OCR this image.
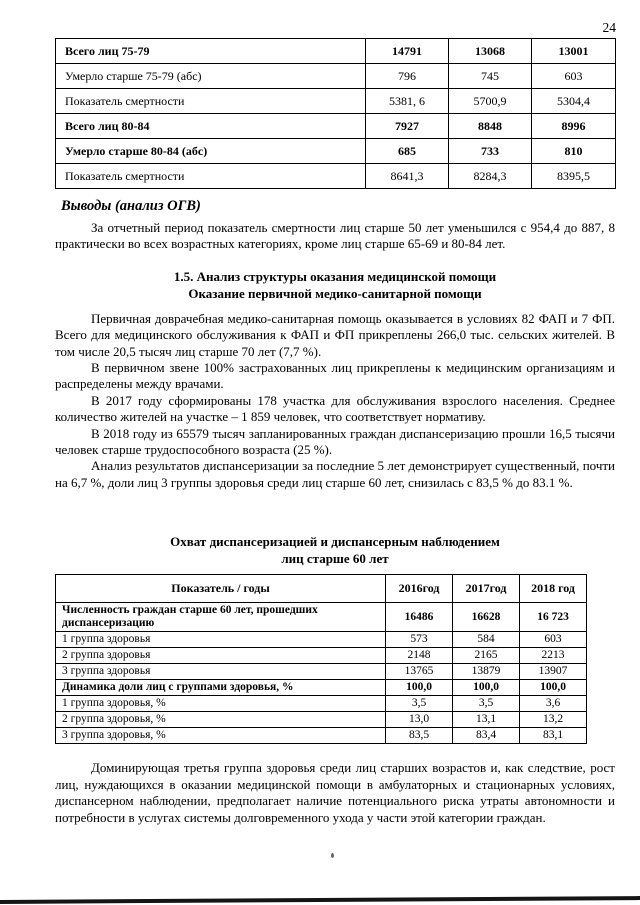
24
Всего лиц 75-79	14791	13068	13001
Умерло старше 75-79 (абс)	796	745	603
Показатель смертности	5381, 6	5700,9	5304,4
Всего лиц 80-84	7927	8848	8996
Умерло старше 80-84 (абс)	685	733	810
Показатель смертности	8641,3	8284,3	8395,5
Выводы (анализ ОГВ)

За отчетный период показатель смертности лиц старше 50 лет уменьшился с 954,4 до 887, 8 практически во всех возрастных категориях, кроме лиц старше 65-69 и 80-84 лет.

1.5. Анализ структуры оказания медицинской помощи
Оказание первичной медико-санитарной помощи

Первичная доврачебная медико-санитарная помощь оказывается в условиях 82 ФАП и 7 ФП. Всего для медицинского обслуживания к ФАП и ФП прикреплены 266,0 тыс. сельских жителей. В том числе 20,5 тысяч лиц старше 70 лет (7,7 %).

В первичном звене 100% застрахованных лиц прикреплены к медицинским организациям и распределены между врачами.

В 2017 году сформированы 178 участка для обслуживания взрослого населения. Среднее количество жителей на участке – 1 859 человек, что соответствует нормативу.

В 2018 году из 65579 тысяч запланированных граждан диспансеризацию прошли 16,5 тысячи человек старше трудоспособного возраста (25 %).

Анализ результатов диспансеризации за последние 5 лет демонстрирует существенный, почти на 6,7 %, доли лиц 3 группы здоровья среди лиц старше 60 лет, снизилась с 83,5 % до 83.1 %.

Охват диспансеризацией и диспансерным наблюдением
лиц старше 60 лет
Показатель / годы	2016год	2017год	2018 год
Численность граждан старше 60 лет, прошедших диспансеризацию	16486	16628	16 723
1 группа здоровья	573	584	603
2 группа здоровья	2148	2165	2213
3 группа здоровья	13765	13879	13907
Динамика доли лиц с группами здоровья, %	100,0	100,0	100,0
1 группа здоровья, %	3,5	3,5	3,6
2 группа здоровья, %	13,0	13,1	13,2
3 группа здоровья, %	83,5	83,4	83,1

Доминирующая третья группа здоровья среди лиц старших возрастов и, как следствие, рост лиц, нуждающихся в оказании медицинской помощи в амбулаторных и стационарных условиях, диспансерном наблюдении, предполагает наличие потенциального риска утраты автономности и потребности в услугах системы долговременного ухода у части этой категории граждан.
